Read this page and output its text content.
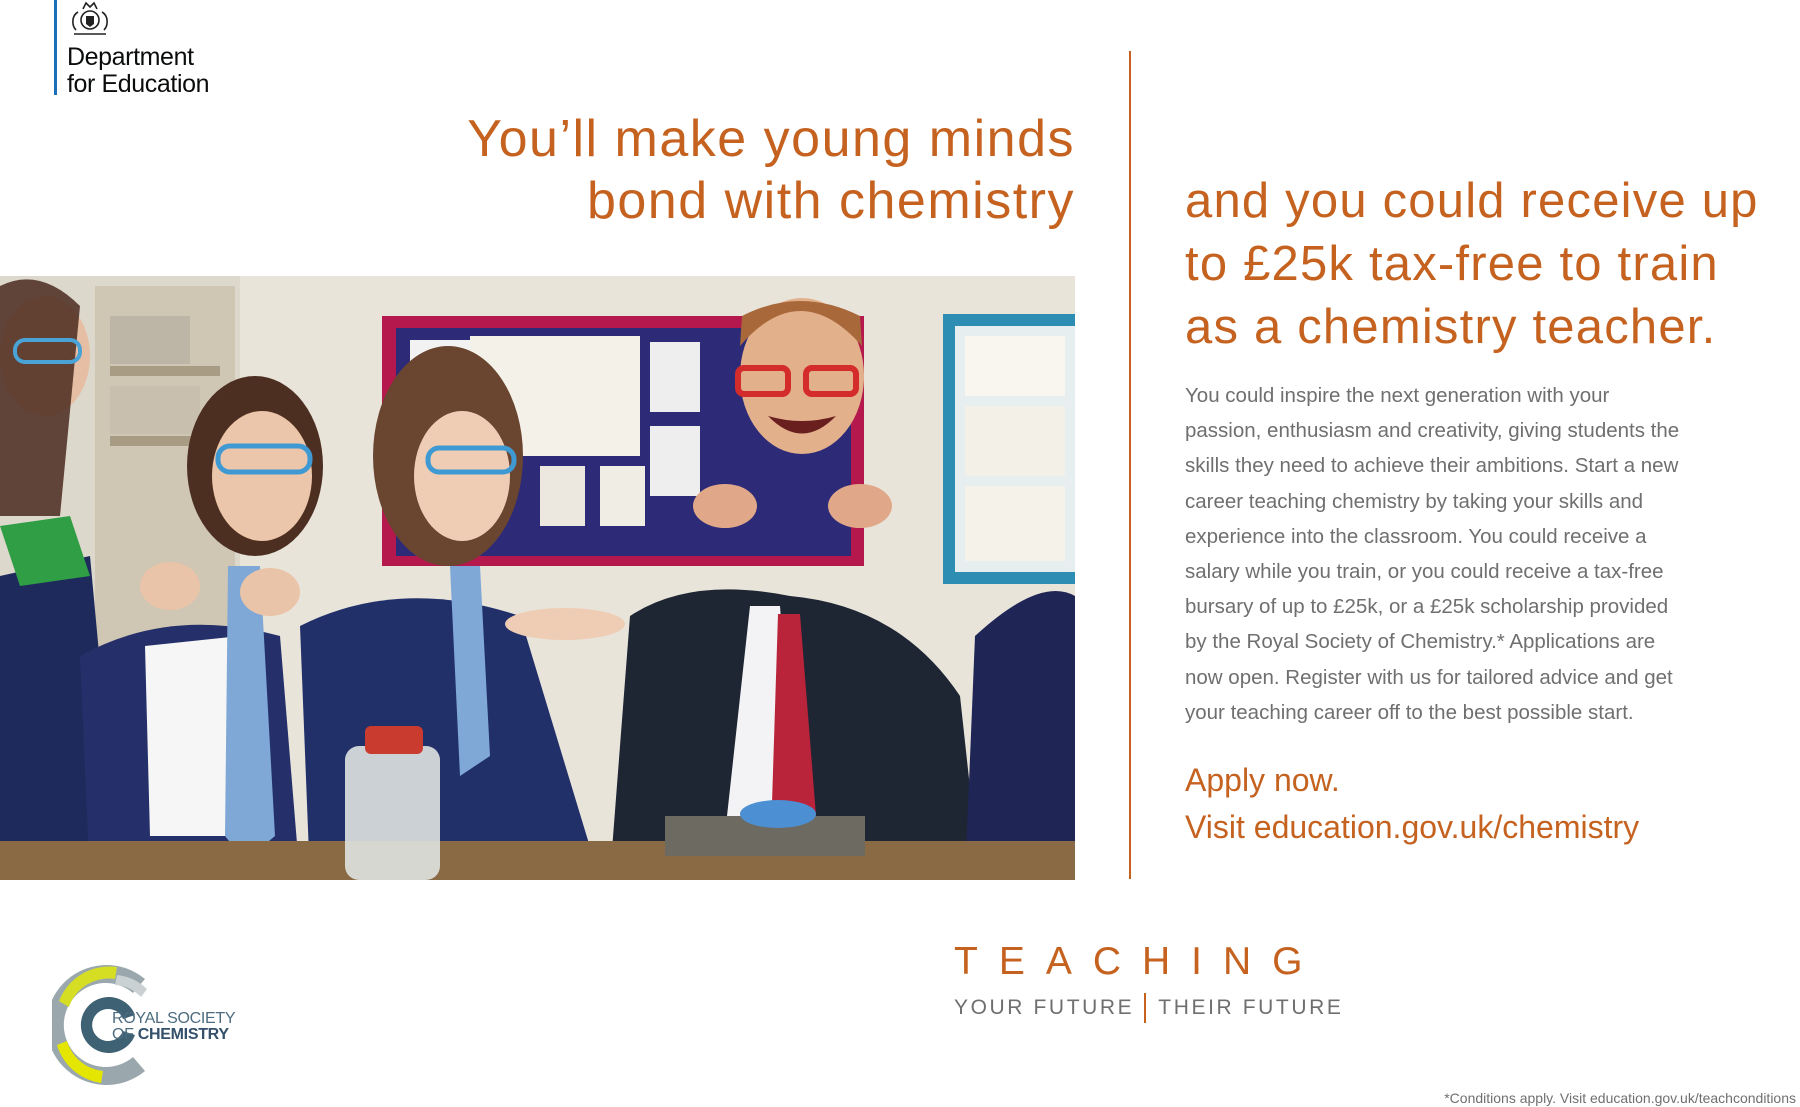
Department
for Education
You’ll make young minds
bond with chemistry and you could receive up
to £25k tax-free to train
as a chemistry teacher.
You could inspire the next generation with your
passion, enthusiasm and creativity, giving students the
skills they need to achieve their ambitions. Start a new
career teaching chemistry by taking your skills and
experience into the classroom. You could receive a
salary while you train, or you could receive a tax-free
bursary of up to £25k, or a £25k scholarship provided
by the Royal Society of Chemistry.* Applications are
now open. Register with us for tailored advice and get
your teaching career off to the best possible start.
Apply now.
Visit education.gov.uk/chemistry
TEACHING
YOUR FUTURE THEIR FUTURE
ROYAL SOCIETY
OF CHEMISTRY
*Conditions apply. Visit education.gov.uk/teachconditions
